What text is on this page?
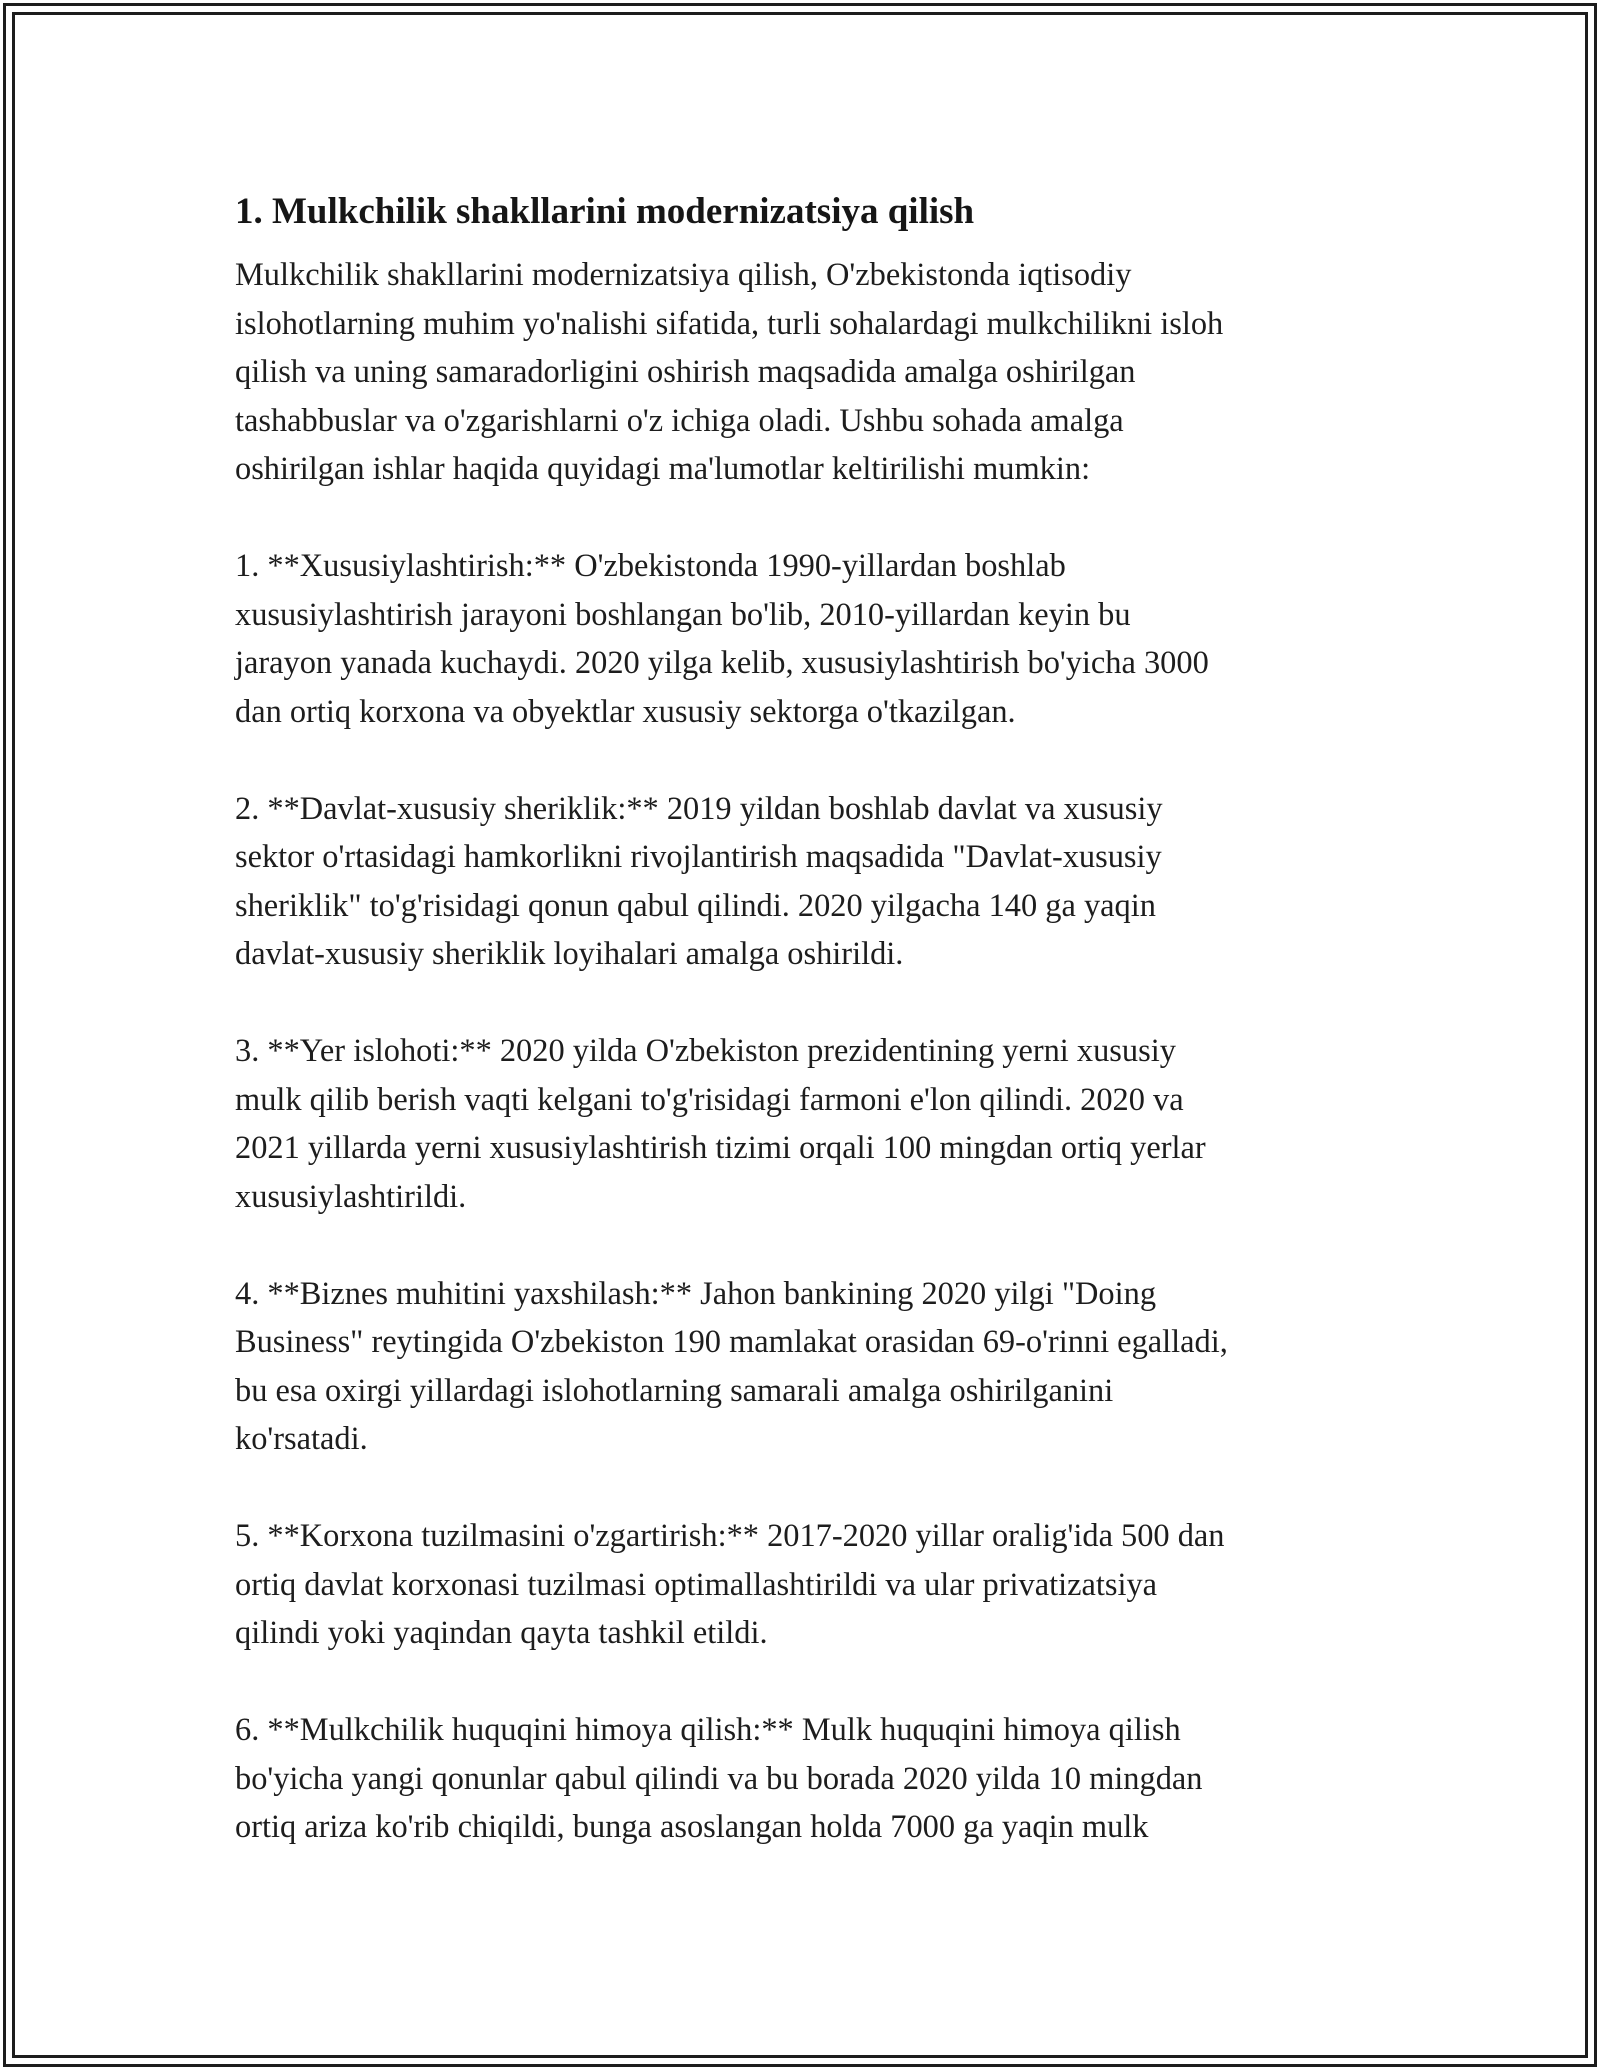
1. Mulkchilik shakllarini modernizatsiya qilish

Mulkchilik shakllarini modernizatsiya qilish, O'zbekistonda iqtisodiy
islohotlarning muhim yo'nalishi sifatida, turli sohalardagi mulkchilikni isloh
qilish va uning samaradorligini oshirish maqsadida amalga oshirilgan
tashabbuslar va o'zgarishlarni o'z ichiga oladi. Ushbu sohada amalga
oshirilgan ishlar haqida quyidagi ma'lumotlar keltirilishi mumkin:

1. **Xususiylashtirish:** O'zbekistonda 1990-yillardan boshlab
xususiylashtirish jarayoni boshlangan bo'lib, 2010-yillardan keyin bu
jarayon yanada kuchaydi. 2020 yilga kelib, xususiylashtirish bo'yicha 3000
dan ortiq korxona va obyektlar xususiy sektorga o'tkazilgan.

2. **Davlat-xususiy sheriklik:** 2019 yildan boshlab davlat va xususiy
sektor o'rtasidagi hamkorlikni rivojlantirish maqsadida "Davlat-xususiy
sheriklik" to'g'risidagi qonun qabul qilindi. 2020 yilgacha 140 ga yaqin
davlat-xususiy sheriklik loyihalari amalga oshirildi.

3. **Yer islohoti:** 2020 yilda O'zbekiston prezidentining yerni xususiy
mulk qilib berish vaqti kelgani to'g'risidagi farmoni e'lon qilindi. 2020 va
2021 yillarda yerni xususiylashtirish tizimi orqali 100 mingdan ortiq yerlar
xususiylashtirildi.

4. **Biznes muhitini yaxshilash:** Jahon bankining 2020 yilgi "Doing
Business" reytingida O'zbekiston 190 mamlakat orasidan 69-o'rinni egalladi,
bu esa oxirgi yillardagi islohotlarning samarali amalga oshirilganini
ko'rsatadi.

5. **Korxona tuzilmasini o'zgartirish:** 2017-2020 yillar oralig'ida 500 dan
ortiq davlat korxonasi tuzilmasi optimallashtirildi va ular privatizatsiya
qilindi yoki yaqindan qayta tashkil etildi.

6. **Mulkchilik huquqini himoya qilish:** Mulk huquqini himoya qilish
bo'yicha yangi qonunlar qabul qilindi va bu borada 2020 yilda 10 mingdan
ortiq ariza ko'rib chiqildi, bunga asoslangan holda 7000 ga yaqin mulk
